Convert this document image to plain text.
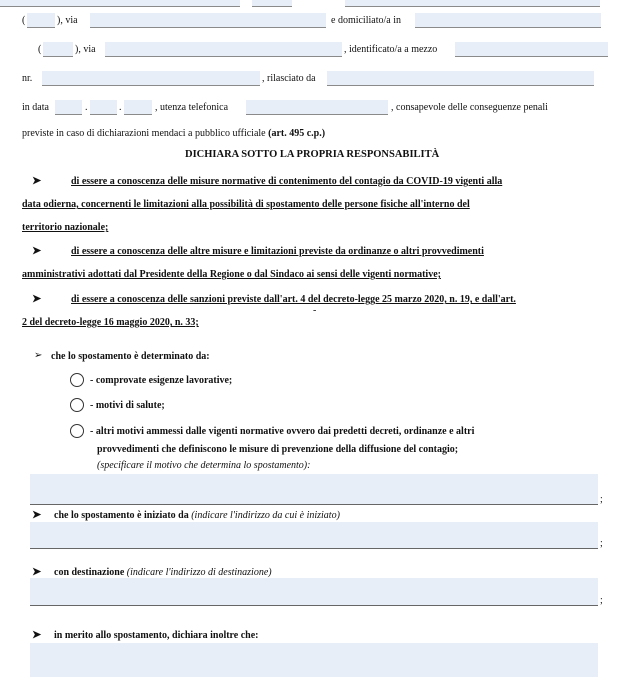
(	), via	e domiciliato/a in
(	), via	, identificato/a a mezzo
nr.	, rilasciato da
in data	.	.	, utenza telefonica	, consapevole delle conseguenze penali
previste in caso di dichiarazioni mendaci a pubblico ufficiale (art. 495 c.p.)
DICHIARA SOTTO LA PROPRIA RESPONSABILITÀ
➤	di essere a conoscenza delle misure normative di contenimento del contagio da COVID-19 vigenti alla
data odierna, concernenti le limitazioni alla possibilità di spostamento delle persone fisiche all'interno del
territorio nazionale;
➤	di essere a conoscenza delle altre misure e limitazioni previste da ordinanze o altri provvedimenti
amministrativi adottati dal Presidente della Regione o dal Sindaco ai sensi delle vigenti normative;
➤	di essere a conoscenza delle sanzioni previste dall'art. 4 del decreto-legge 25 marzo 2020, n. 19, e dall'art.
2 del decreto-legge 16 maggio 2020, n. 33;
-
➢ che lo spostamento è determinato da:
- comprovate esigenze lavorative;
- motivi di salute;
- altri motivi ammessi dalle vigenti normative ovvero dai predetti decreti, ordinanze e altri
provvedimenti che definiscono le misure di prevenzione della diffusione del contagio;
(specificare il motivo che determina lo spostamento):
;
➤ che lo spostamento è iniziato da (indicare l'indirizzo da cui è iniziato)
;
➤ con destinazione (indicare l'indirizzo di destinazione)
;
➤ in merito allo spostamento, dichiara inoltre che:
